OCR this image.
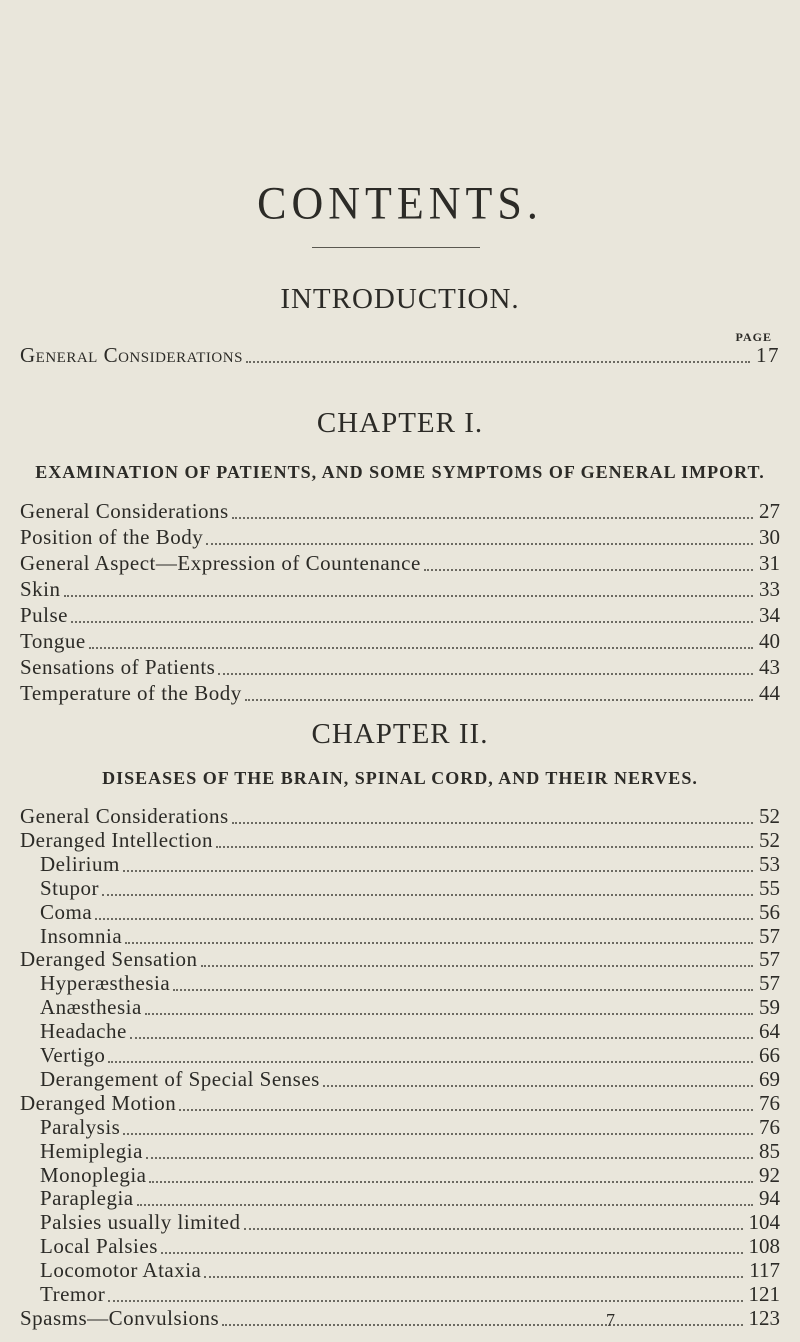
CONTENTS.
INTRODUCTION.
PAGE
General Considerations	17
CHAPTER I.
EXAMINATION OF PATIENTS, AND SOME SYMPTOMS OF GENERAL IMPORT.
General Considerations	27
Position of the Body	30
General Aspect—Expression of Countenance	31
Skin	33
Pulse	34
Tongue	40
Sensations of Patients	43
Temperature of the Body	44
CHAPTER II.
DISEASES OF THE BRAIN, SPINAL CORD, AND THEIR NERVES.
General Considerations	52
Deranged Intellection	52
Delirium	53
Stupor	55
Coma	56
Insomnia	57
Deranged Sensation	57
Hyperæsthesia	57
Anæsthesia	59
Headache	64
Vertigo	66
Derangement of Special Senses	69
Deranged Motion	76
Paralysis	76
Hemiplegia	85
Monoplegia	92
Paraplegia	94
Palsies usually limited	104
Local Palsies	108
Locomotor Ataxia	117
Tremor	121
Spasms—Convulsions	123
7
